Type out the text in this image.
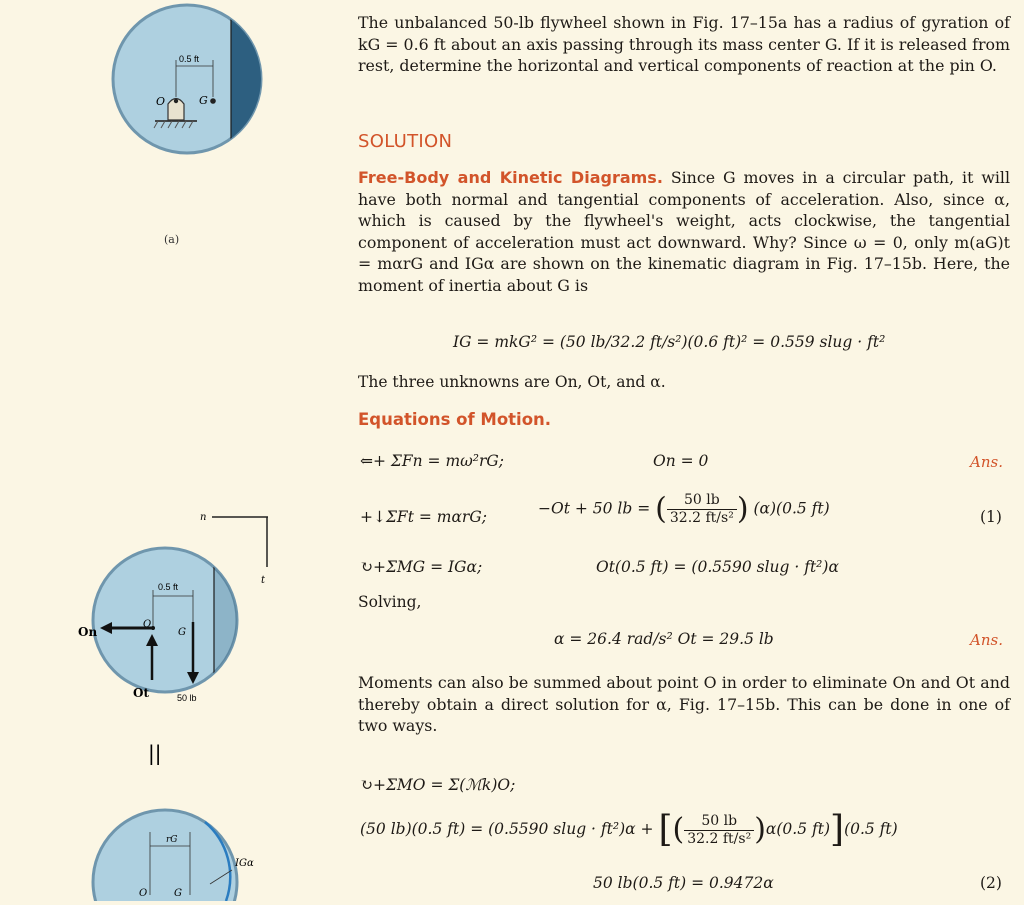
0.5 ft
O	G
n
t
0.5 ft
On
Ot	50 lb
O
G
||
rG
O	G
IGα
(a)
The unbalanced 50-lb flywheel shown in Fig. 17–15a has a radius of gyration of kG = 0.6 ft about an axis passing through its mass center G. If it is released from rest, determine the horizontal and vertical components of reaction at the pin O.
SOLUTION
Free-Body and Kinetic Diagrams. Since G moves in a circular path, it will have both normal and tangential components of acceleration. Also, since α, which is caused by the flywheel's weight, acts clockwise, the tangential component of acceleration must act downward. Why? Since ω = 0, only m(aG)t = mαrG and IGα are shown on the kinematic diagram in Fig. 17–15b. Here, the moment of inertia about G is
IG = mkG² = (50 lb/32.2 ft/s²)(0.6 ft)² = 0.559 slug · ft²
The three unknowns are On, Ot, and α.
Equations of Motion.
⇐+ ΣFn = mω²rG;	On = 0	Ans.
+↓ΣFt = mαrG;	−Ot + 50 lb = ( $\frac{50 lb}{\text{32.2 ft/s²}}$ ) (α)(0.5 ft)	(1)
↻+ΣMG = IGα;	Ot(0.5 ft) = (0.5590 slug · ft²)α
Solving,
α = 26.4 rad/s² Ot = 29.5 lb	Ans.
Moments can also be summed about point O in order to eliminate On and Ot and thereby obtain a direct solution for α, Fig. 17–15b. This can be done in one of two ways.
↻+ΣMO = Σ(ℳk)O;
(50 lb)(0.5 ft) = (0.5590 slug · ft²)α + [( $\frac{50 lb}{\text{32.2 ft/s²}} )\alpha(0.5$ ft)](0.5 ft)
50 lb(0.5 ft) = 0.9472α	(2)
